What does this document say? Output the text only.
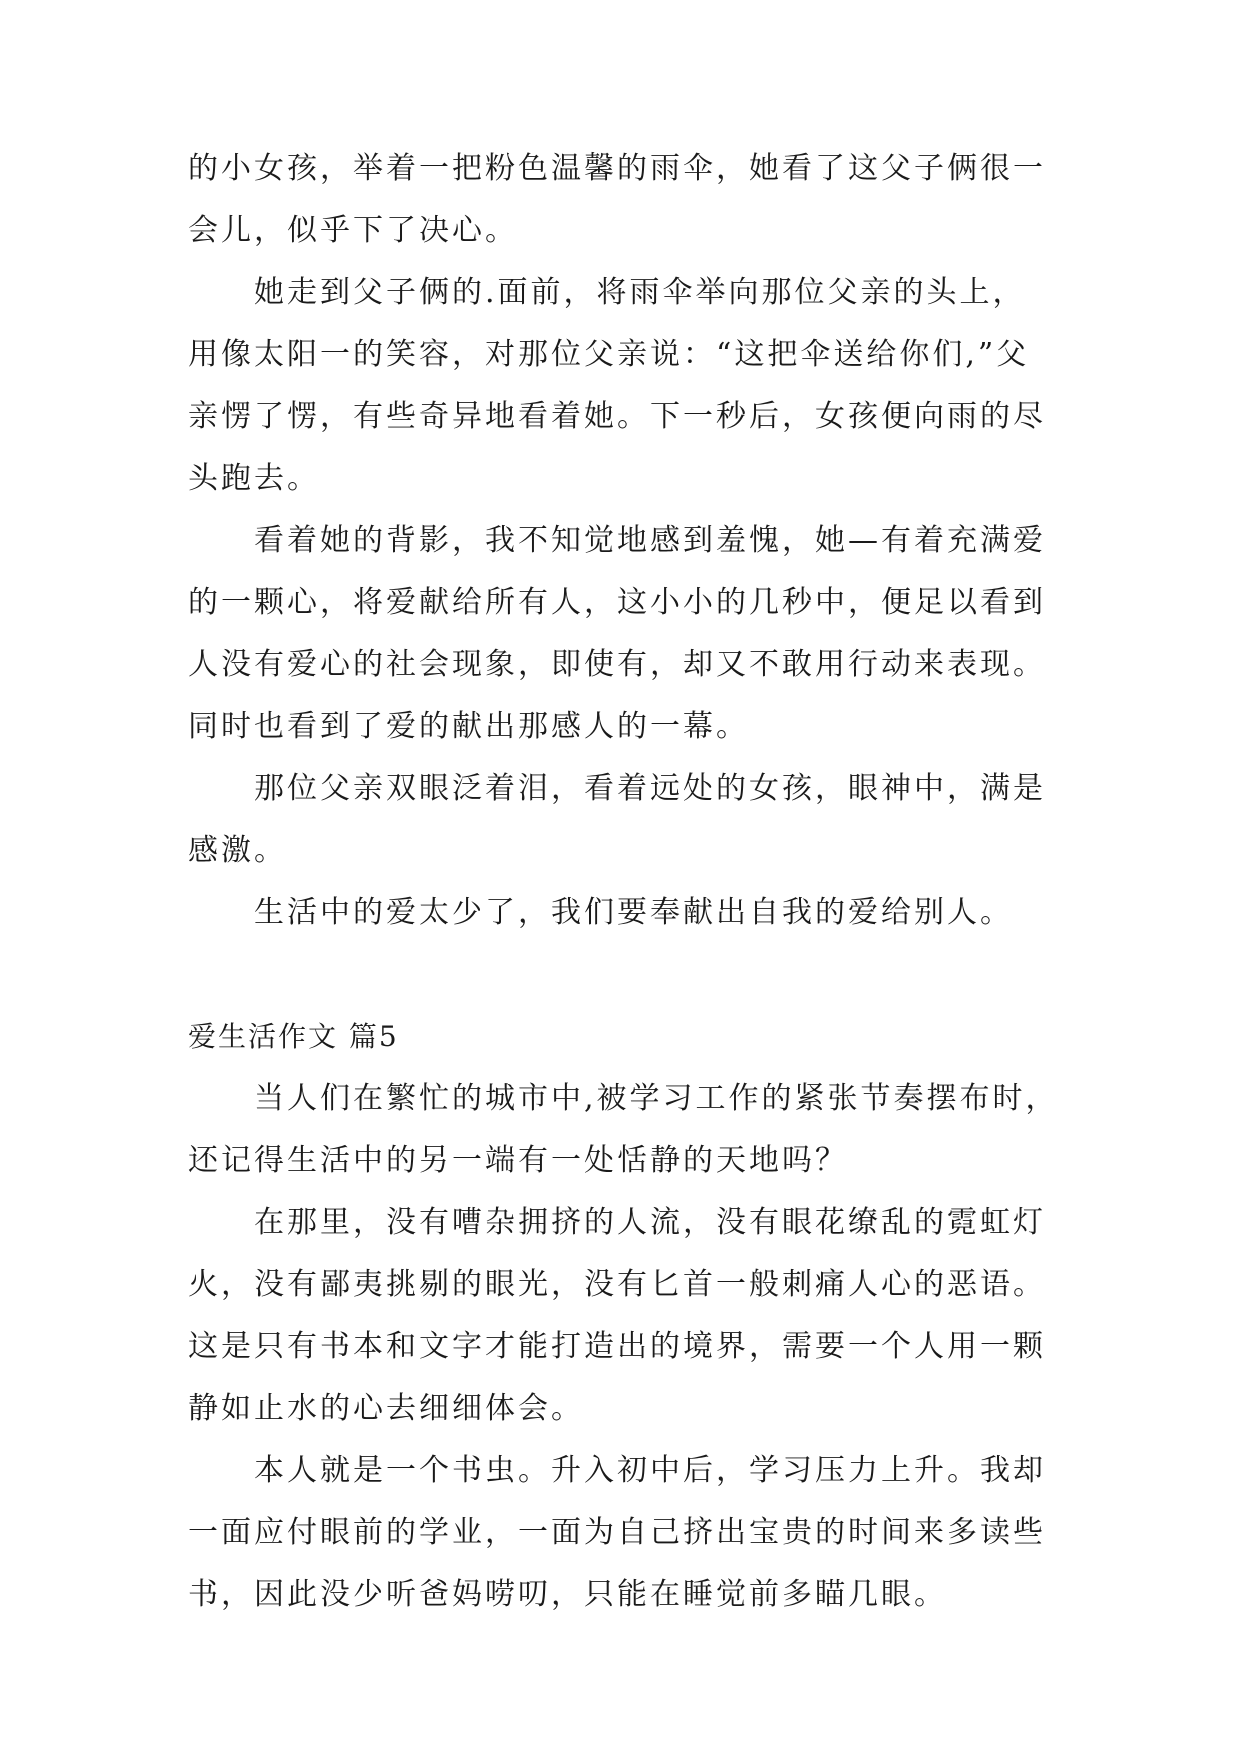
的小女孩，举着一把粉色温馨的雨伞，她看了这父子俩很一
会儿，似乎下了决心。
她走到父子俩的.面前，将雨伞举向那位父亲的头上，
用像太阳一的笑容，对那位父亲说：“这把伞送给你们,”父
亲愣了愣，有些奇异地看着她。下一秒后，女孩便向雨的尽
头跑去。
看着她的背影，我不知觉地感到羞愧，她—有着充满爱
的一颗心，将爱献给所有人，这小小的几秒中，便足以看到
人没有爱心的社会现象，即使有，却又不敢用行动来表现。
同时也看到了爱的献出那感人的一幕。
那位父亲双眼泛着泪，看着远处的女孩，眼神中，满是
感激。
生活中的爱太少了，我们要奉献出自我的爱给别人。
爱生活作文 篇5
当人们在繁忙的城市中,被学习工作的紧张节奏摆布时，
还记得生活中的另一端有一处恬静的天地吗？
在那里，没有嘈杂拥挤的人流，没有眼花缭乱的霓虹灯
火，没有鄙夷挑剔的眼光，没有匕首一般刺痛人心的恶语。
这是只有书本和文字才能打造出的境界，需要一个人用一颗
静如止水的心去细细体会。
本人就是一个书虫。升入初中后，学习压力上升。我却
一面应付眼前的学业，一面为自己挤出宝贵的时间来多读些
书，因此没少听爸妈唠叨，只能在睡觉前多瞄几眼。
